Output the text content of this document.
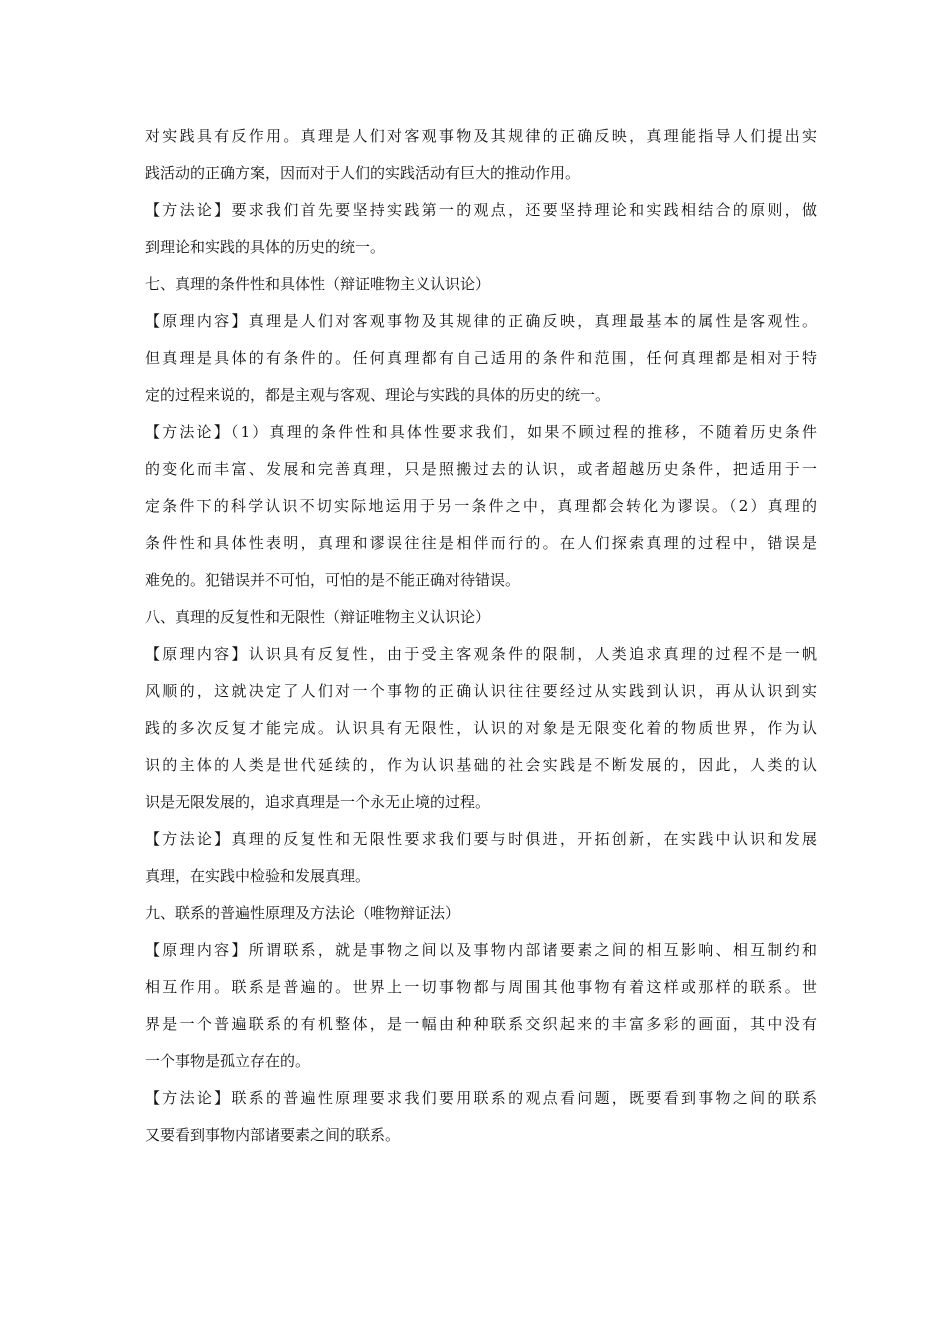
对实践具有反作用。真理是人们对客观事物及其规律的正确反映，真理能指导人们提出实
践活动的正确方案，因而对于人们的实践活动有巨大的推动作用。
【方法论】要求我们首先要坚持实践第一的观点，还要坚持理论和实践相结合的原则，做
到理论和实践的具体的历史的统一。
七、真理的条件性和具体性（辩证唯物主义认识论）
【原理内容】真理是人们对客观事物及其规律的正确反映，真理最基本的属性是客观性。
但真理是具体的有条件的。任何真理都有自己适用的条件和范围，任何真理都是相对于特
定的过程来说的，都是主观与客观、理论与实践的具体的历史的统一。
【方法论】（1）真理的条件性和具体性要求我们，如果不顾过程的推移，不随着历史条件
的变化而丰富、发展和完善真理，只是照搬过去的认识，或者超越历史条件，把适用于一
定条件下的科学认识不切实际地运用于另一条件之中，真理都会转化为谬误。（2）真理的
条件性和具体性表明，真理和谬误往往是相伴而行的。在人们探索真理的过程中，错误是
难免的。犯错误并不可怕，可怕的是不能正确对待错误。
八、真理的反复性和无限性（辩证唯物主义认识论）
【原理内容】认识具有反复性，由于受主客观条件的限制，人类追求真理的过程不是一帆
风顺的，这就决定了人们对一个事物的正确认识往往要经过从实践到认识，再从认识到实
践的多次反复才能完成。认识具有无限性，认识的对象是无限变化着的物质世界，作为认
识的主体的人类是世代延续的，作为认识基础的社会实践是不断发展的，因此，人类的认
识是无限发展的，追求真理是一个永无止境的过程。
【方法论】真理的反复性和无限性要求我们要与时俱进，开拓创新，在实践中认识和发展
真理，在实践中检验和发展真理。
九、联系的普遍性原理及方法论（唯物辩证法）
【原理内容】所谓联系，就是事物之间以及事物内部诸要素之间的相互影响、相互制约和
相互作用。联系是普遍的。世界上一切事物都与周围其他事物有着这样或那样的联系。世
界是一个普遍联系的有机整体，是一幅由种种联系交织起来的丰富多彩的画面，其中没有
一个事物是孤立存在的。
【方法论】联系的普遍性原理要求我们要用联系的观点看问题，既要看到事物之间的联系
又要看到事物内部诸要素之间的联系。
